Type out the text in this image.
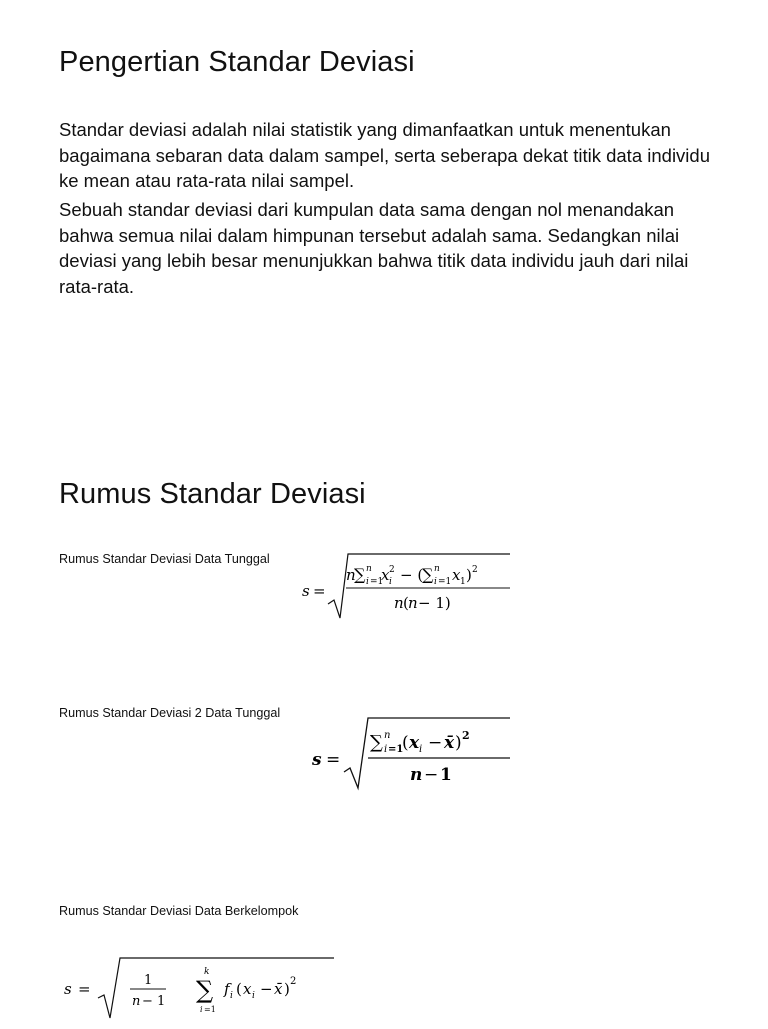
Pengertian Standar Deviasi

Standar deviasi adalah nilai statistik yang dimanfaatkan untuk menentukan bagaimana sebaran data dalam sampel, serta seberapa dekat titik data individu ke mean atau rata-rata nilai sampel.

Sebuah standar deviasi dari kumpulan data sama dengan nol menandakan bahwa semua nilai dalam himpunan tersebut adalah sama. Sedangkan nilai deviasi yang lebih besar menunjukkan bahwa titik data individu jauh dari nilai rata-rata.

Rumus Standar Deviasi

Rumus Standar Deviasi Data Tunggal

s =
n
∑ n
i =1
x 2
i − (
∑ n
i =1 x 1 ) 2
n ( n − 1)

Rumus Standar Deviasi 2 Data Tunggal

s =
∑ n
i =1
( x i − x̄ ) 2
n − 1

Rumus Standar Deviasi Data Berkelompok

s =	1
n − 1
k
∑
i =1
f i ( x i − x̄ ) 2
